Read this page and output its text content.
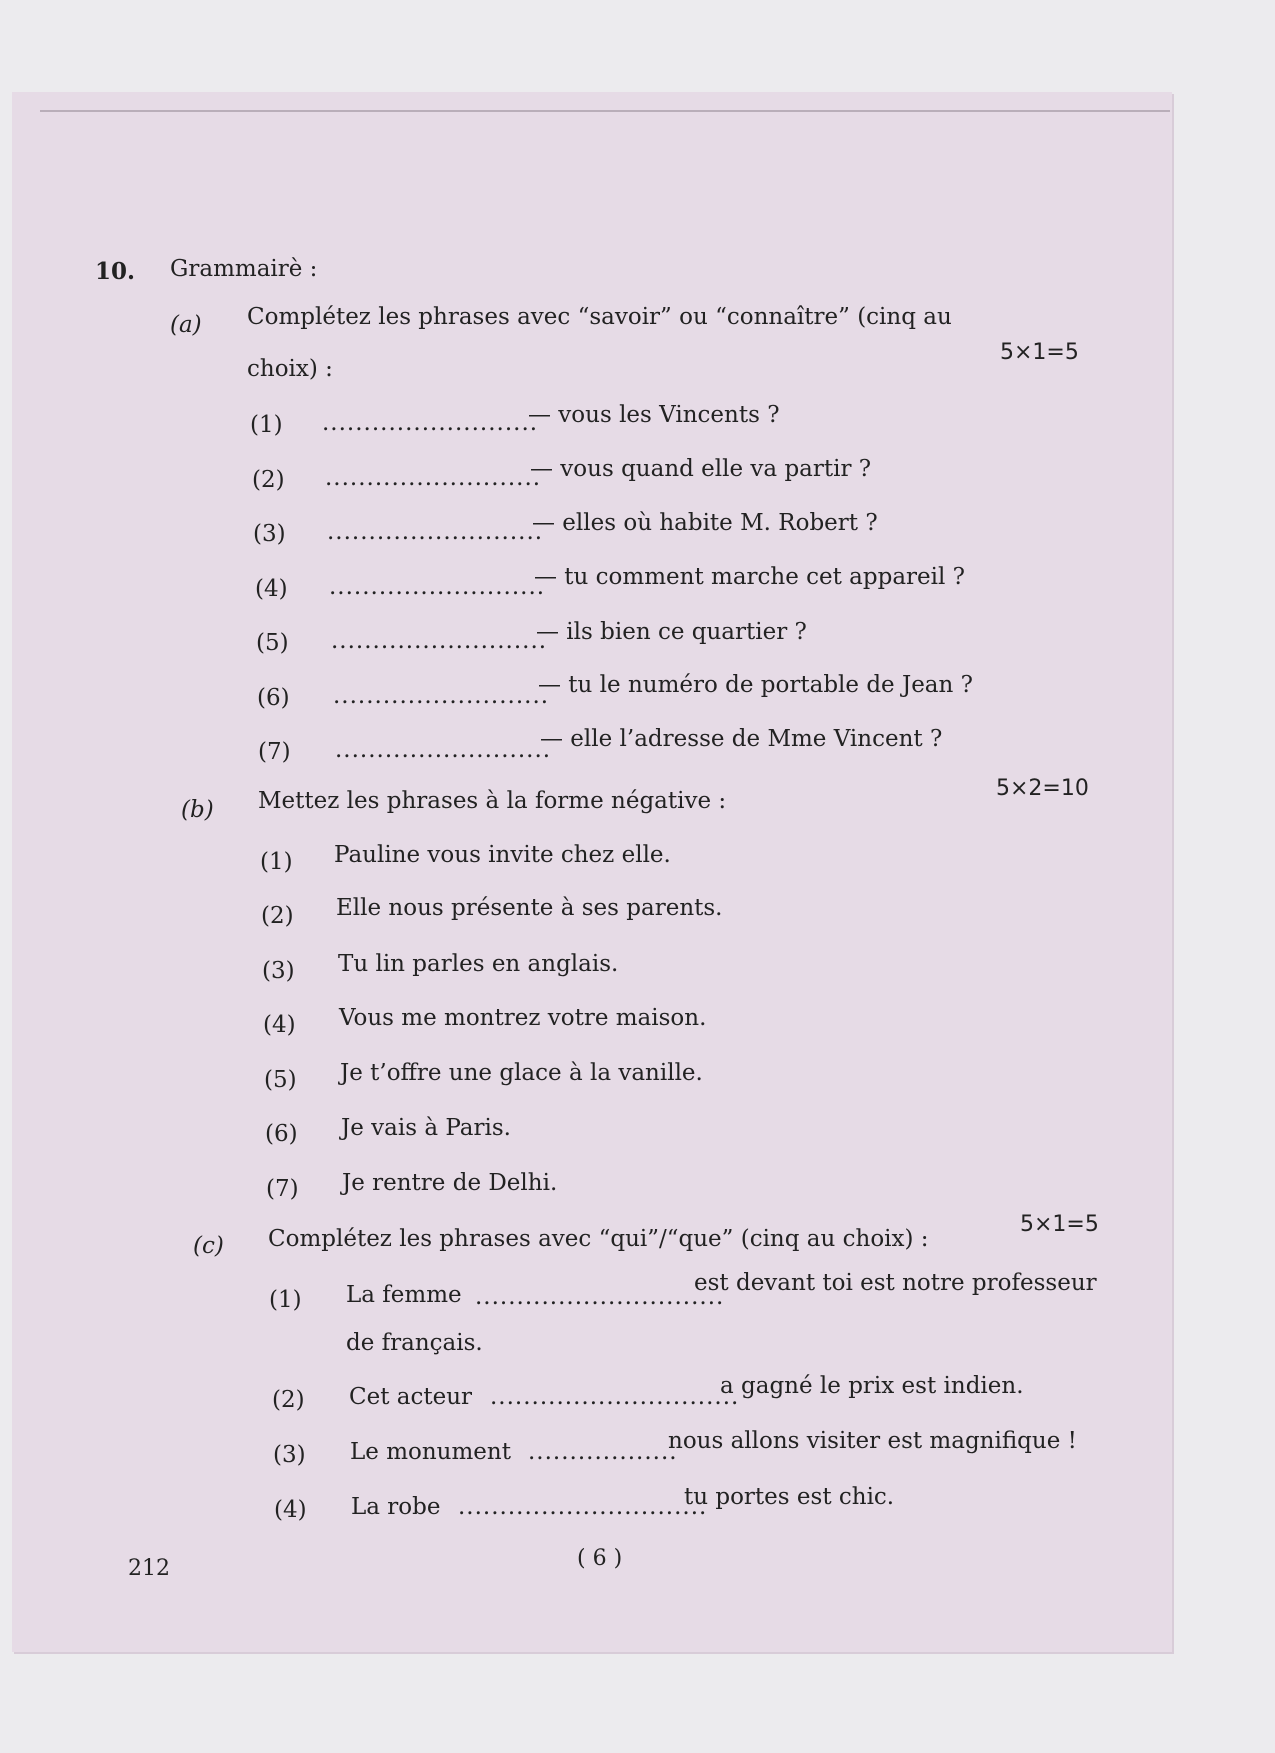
10. Grammairè :
(a) Complétez les phrases avec “savoir” ou “connaître” (cinq au
choix) :
5×1=5
(1) ..........................
— vous les Vincents ?
(2) ..........................
— vous quand elle va partir ?
(3) ..........................
— elles où habite M. Robert ?
(4) ..........................
— tu comment marche cet appareil ?
(5) ..........................
— ils bien ce quartier ?
(6) ..........................
— tu le numéro de portable de Jean ?
(7) ..........................
— elle l’adresse de Mme Vincent ?
(b) Mettez les phrases à la forme négative :	5×2=10
(1) Pauline vous invite chez elle.
(2) Elle nous présente à ses parents.
(3) Tu lin parles en anglais.
(4) Vous me montrez votre maison.
(5) Je t’offre une glace à la vanille.
(6) Je vais à Paris.
(7) Je rentre de Delhi.
(c) Complétez les phrases avec “qui”/“que” (cinq au choix) :
5×1=5
(1) La femme ..............................
est devant toi est notre professeur
de français.
(2) Cet acteur ..............................
a gagné le prix est indien.
(3) Le monument ..................
nous allons visiter est magnifique !
(4) La robe ..............................
tu portes est chic.
212	( 6 )
